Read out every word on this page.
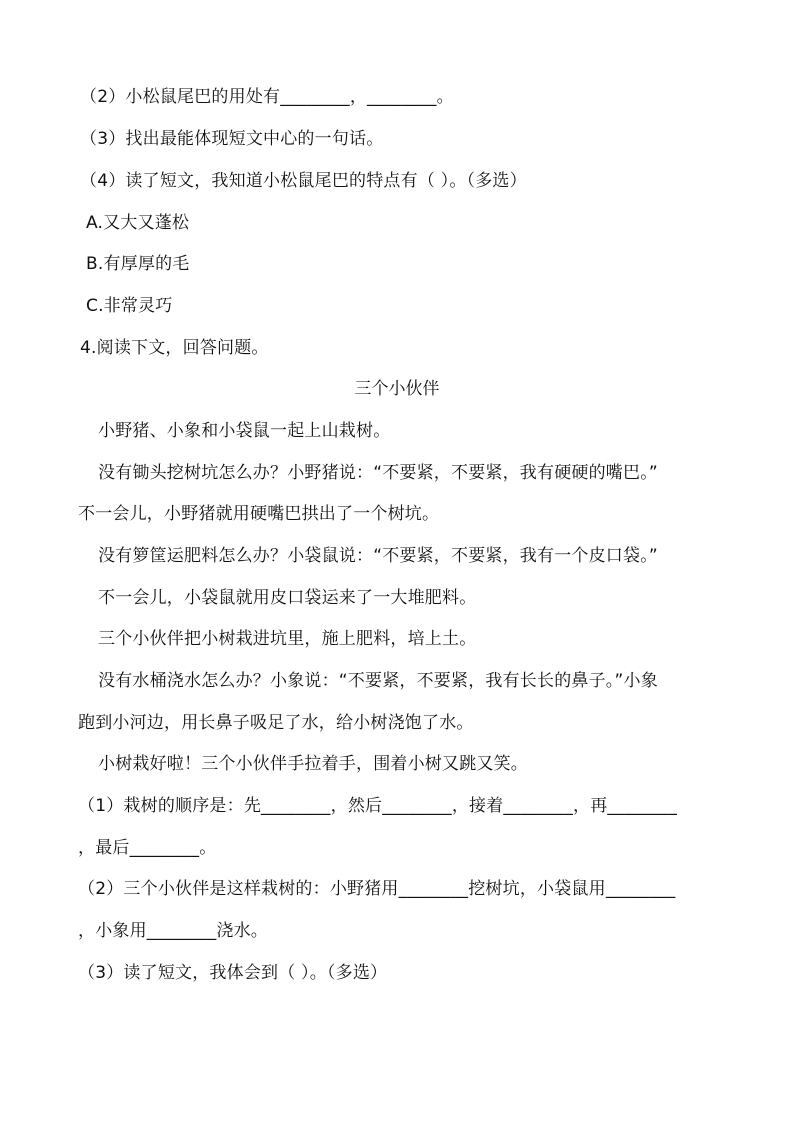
（2）小松鼠尾巴的用处有________，________。
（3）找出最能体现短文中心的一句话。
（4）读了短文，我知道小松鼠尾巴的特点有（ ）。（多选）
A.又大又蓬松
B.有厚厚的毛
C.非常灵巧
4.阅读下文，回答问题。
三个小伙伴
小野猪、小象和小袋鼠一起上山栽树。
没有锄头挖树坑怎么办？小野猪说：“不要紧，不要紧，我有硬硬的嘴巴。”
不一会儿，小野猪就用硬嘴巴拱出了一个树坑。
没有箩筐运肥料怎么办？小袋鼠说：“不要紧，不要紧，我有一个皮口袋。”
不一会儿，小袋鼠就用皮口袋运来了一大堆肥料。
三个小伙伴把小树栽进坑里，施上肥料，培上土。
没有水桶浇水怎么办？小象说：“不要紧，不要紧，我有长长的鼻子。”小象
跑到小河边，用长鼻子吸足了水，给小树浇饱了水。
小树栽好啦！三个小伙伴手拉着手，围着小树又跳又笑。
（1）栽树的顺序是：先________，然后________，接着________，再________
，最后________。
（2）三个小伙伴是这样栽树的：小野猪用________挖树坑，小袋鼠用________
，小象用________浇水。
（3）读了短文，我体会到（ ）。（多选）
